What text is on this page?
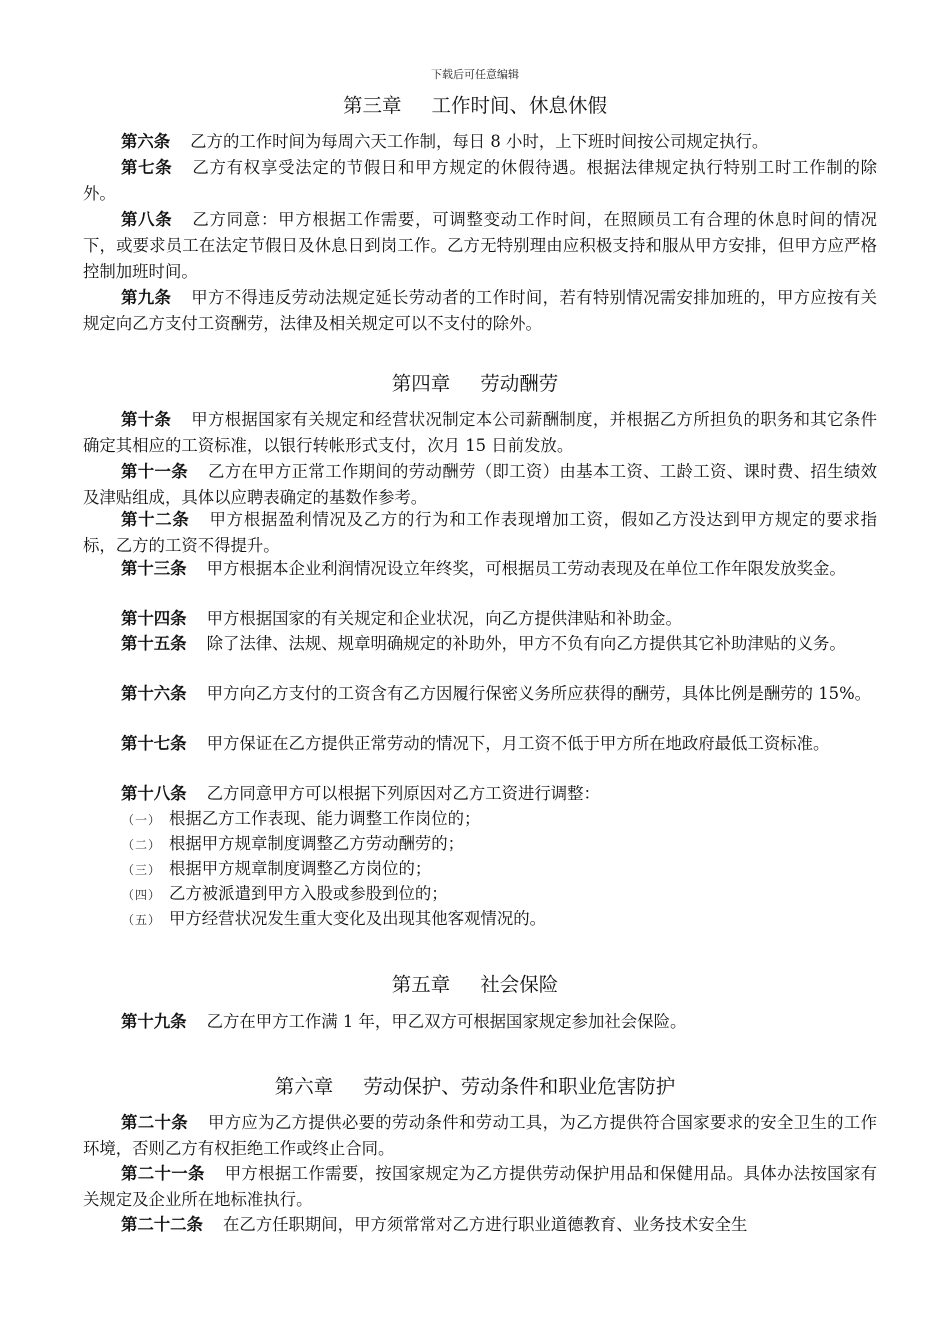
下载后可任意编辑
第三章 工作时间、休息休假
第六条 乙方的工作时间为每周六天工作制，每日 8 小时，上下班时间按公司规定执行。
第七条 乙方有权享受法定的节假日和甲方规定的休假待遇。根据法律规定执行特别工时工作制的除外。
第八条 乙方同意：甲方根据工作需要，可调整变动工作时间，在照顾员工有合理的休息时间的情况下，或要求员工在法定节假日及休息日到岗工作。乙方无特别理由应积极支持和服从甲方安排，但甲方应严格控制加班时间。
第九条 甲方不得违反劳动法规定延长劳动者的工作时间，若有特别情况需安排加班的，甲方应按有关规定向乙方支付工资酬劳，法律及相关规定可以不支付的除外。
第四章 劳动酬劳
第十条 甲方根据国家有关规定和经营状况制定本公司薪酬制度，并根据乙方所担负的职务和其它条件确定其相应的工资标准，以银行转帐形式支付，次月 15 日前发放。
第十一条 乙方在甲方正常工作期间的劳动酬劳（即工资）由基本工资、工龄工资、课时费、招生绩效及津贴组成，具体以应聘表确定的基数作参考。
第十二条 甲方根据盈利情况及乙方的行为和工作表现增加工资，假如乙方没达到甲方规定的要求指标，乙方的工资不得提升。
第十三条 甲方根据本企业利润情况设立年终奖，可根据员工劳动表现及在单位工作年限发放奖金。
第十四条 甲方根据国家的有关规定和企业状况，向乙方提供津贴和补助金。
第十五条 除了法律、法规、规章明确规定的补助外，甲方不负有向乙方提供其它补助津贴的义务。
第十六条 甲方向乙方支付的工资含有乙方因履行保密义务所应获得的酬劳，具体比例是酬劳的 15%。
第十七条 甲方保证在乙方提供正常劳动的情况下，月工资不低于甲方所在地政府最低工资标准。
第十八条 乙方同意甲方可以根据下列原因对乙方工资进行调整：
（一） 根据乙方工作表现、能力调整工作岗位的；
（二） 根据甲方规章制度调整乙方劳动酬劳的；
（三） 根据甲方规章制度调整乙方岗位的；
（四） 乙方被派遣到甲方入股或参股到位的；
（五） 甲方经营状况发生重大变化及出现其他客观情况的。
第五章 社会保险
第十九条 乙方在甲方工作满 1 年，甲乙双方可根据国家规定参加社会保险。
第六章 劳动保护、劳动条件和职业危害防护
第二十条 甲方应为乙方提供必要的劳动条件和劳动工具，为乙方提供符合国家要求的安全卫生的工作环境，否则乙方有权拒绝工作或终止合同。
第二十一条 甲方根据工作需要，按国家规定为乙方提供劳动保护用品和保健用品。具体办法按国家有关规定及企业所在地标准执行。
第二十二条 在乙方任职期间，甲方须常常对乙方进行职业道德教育、业务技术安全生
